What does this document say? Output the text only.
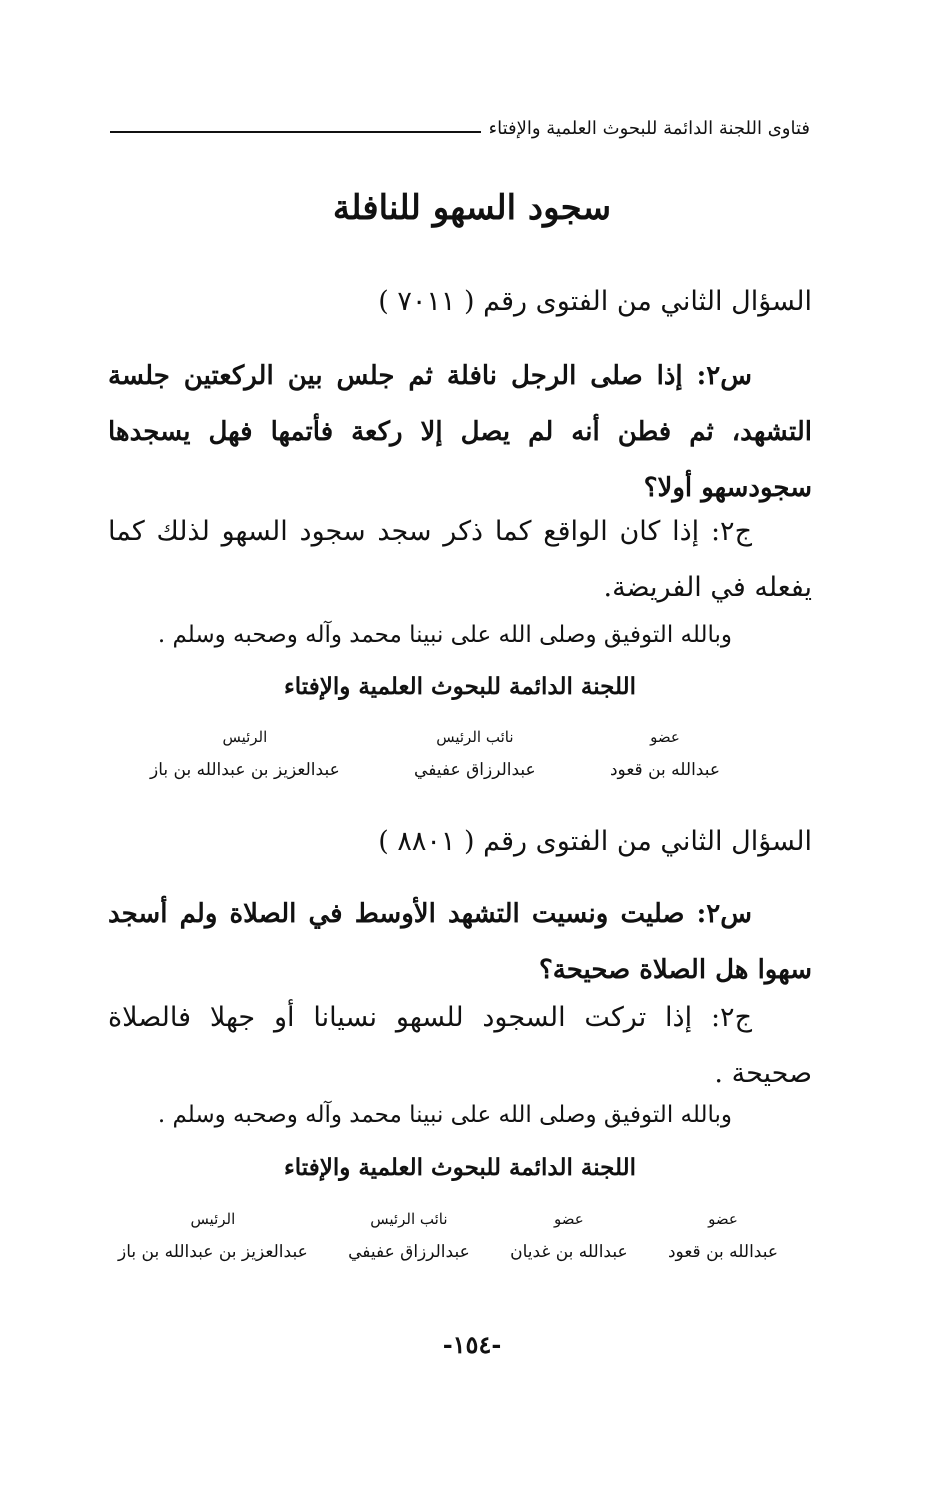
فتاوى اللجنة الدائمة للبحوث العلمية والإفتاء
سجود السهو للنافلة
السؤال الثاني من الفتوى رقم ( ٧٠١١ )
س٢: إذا صلى الرجل نافلة ثم جلس بين الركعتين جلسة التشهد، ثم فطن أنه لم يصل إلا ركعة فأتمها فهل يسجدها سجودسهو أولا؟
ج٢: إذا كان الواقع كما ذكر سجد سجود السهو لذلك كما يفعله في الفريضة.
وبالله التوفيق وصلى الله على نبينا محمد وآله وصحبه وسلم .
اللجنة الدائمة للبحوث العلمية والإفتاء
عضو
عبدالله بن قعود
نائب الرئيس
عبدالرزاق عفيفي
الرئيس
عبدالعزيز بن عبدالله بن باز
السؤال الثاني من الفتوى رقم ( ٨٨٠١ )
س٢: صليت ونسيت التشهد الأوسط في الصلاة ولم أسجد سهوا هل الصلاة صحيحة؟
ج٢: إذا تركت السجود للسهو نسيانا أو جهلا فالصلاة صحيحة .
وبالله التوفيق وصلى الله على نبينا محمد وآله وصحبه وسلم .
اللجنة الدائمة للبحوث العلمية والإفتاء
عضو
عبدالله بن قعود
عضو
عبدالله بن غديان
نائب الرئيس
عبدالرزاق عفيفي
الرئيس
عبدالعزيز بن عبدالله بن باز
-١٥٤-
